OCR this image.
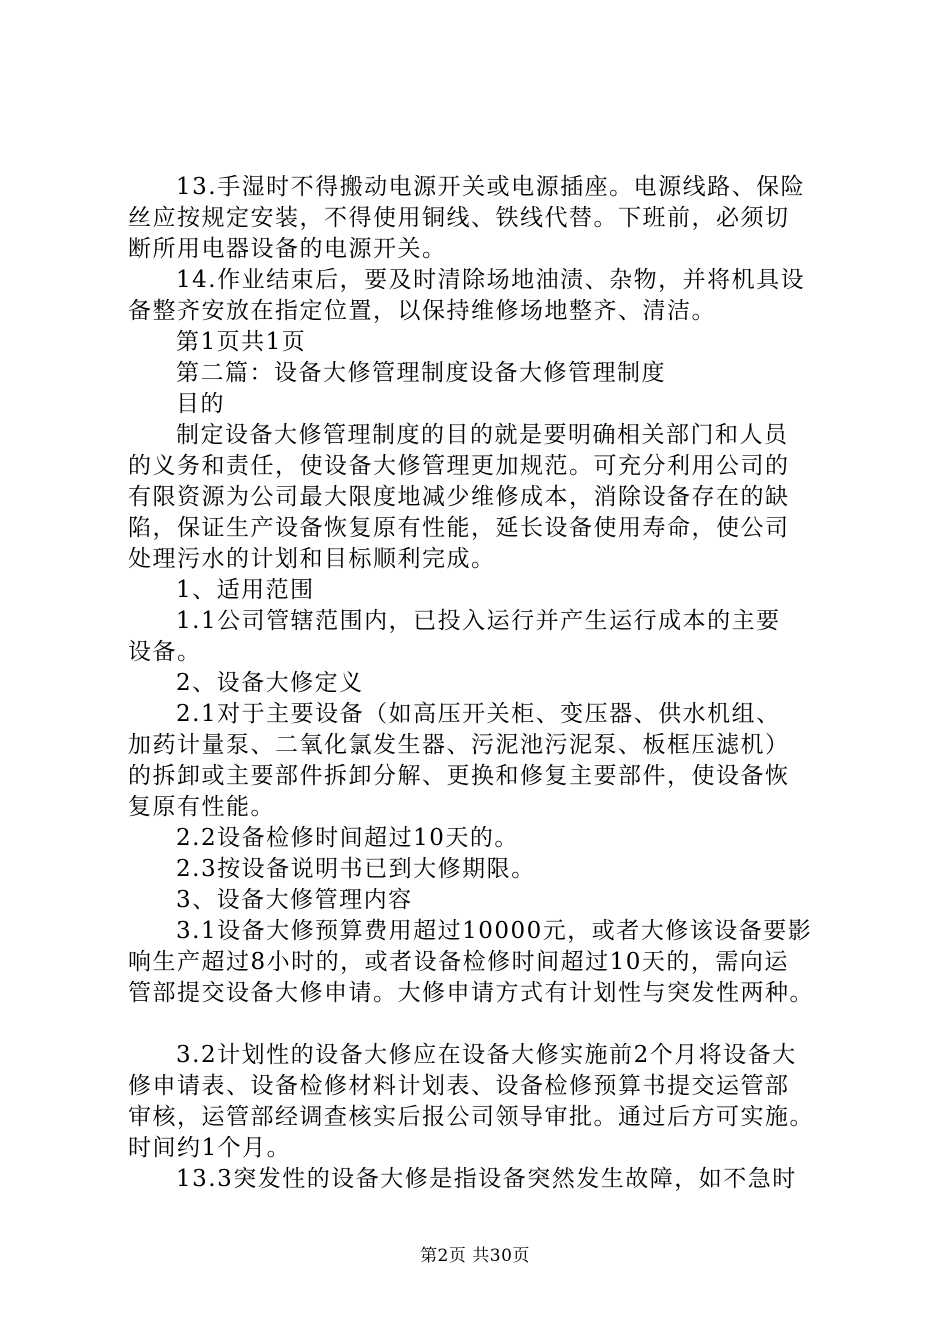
13.手湿时不得搬动电源开关或电源插座。电源线路、保险
丝应按规定安装，不得使用铜线、铁线代替。下班前，必须切
断所用电器设备的电源开关。
14.作业结束后，要及时清除场地油渍、杂物，并将机具设
备整齐安放在指定位置，以保持维修场地整齐、清洁。
第1页共1页
第二篇：设备大修管理制度设备大修管理制度
目的
制定设备大修管理制度的目的就是要明确相关部门和人员
的义务和责任，使设备大修管理更加规范。可充分利用公司的
有限资源为公司最大限度地减少维修成本，消除设备存在的缺
陷，保证生产设备恢复原有性能，延长设备使用寿命，使公司
处理污水的计划和目标顺利完成。
1、适用范围
1.1公司管辖范围内，已投入运行并产生运行成本的主要
设备。
2、设备大修定义
2.1对于主要设备（如高压开关柜、变压器、供水机组、
加药计量泵、二氧化氯发生器、污泥池污泥泵、板框压滤机）
的拆卸或主要部件拆卸分解、更换和修复主要部件，使设备恢
复原有性能。
2.2设备检修时间超过10天的。
2.3按设备说明书已到大修期限。
3、设备大修管理内容
3.1设备大修预算费用超过10000元，或者大修该设备要影
响生产超过8小时的，或者设备检修时间超过10天的，需向运
管部提交设备大修申请。大修申请方式有计划性与突发性两种。
3.2计划性的设备大修应在设备大修实施前2个月将设备大
修申请表、设备检修材料计划表、设备检修预算书提交运管部
审核，运管部经调查核实后报公司领导审批。通过后方可实施。
时间约1个月。
13.3突发性的设备大修是指设备突然发生故障，如不急时
第2页 共30页
